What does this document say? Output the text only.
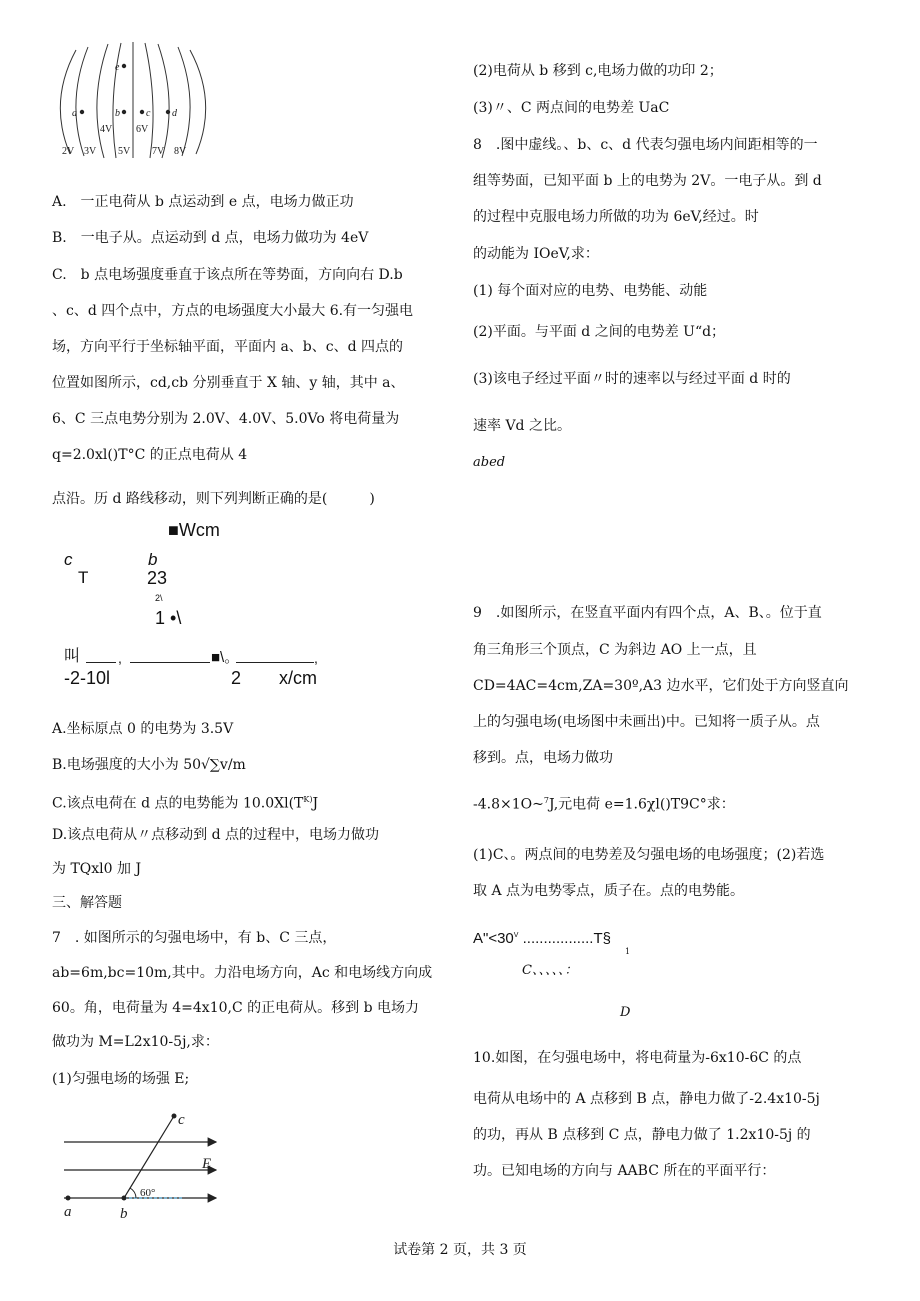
e
a	b	c d
4V 6V
2V 3V 5V 7V 8V
A.　一正电荷从 b 点运动到 e 点，电场力做正功
B.　一电子从。点运动到 d 点，电场力做功为 4eV
C.　b 点电场强度垂直于该点所在等势面，方向向右 D.b
、c、d 四个点中，方点的电场强度大小最大 6.有一匀强电
场，方向平行于坐标轴平面，平面内 a、b、c、d 四点的
位置如图所示，cd,cb 分别垂直于 X 轴、y 轴，其中 a、
6、C 三点电势分别为 2.0V、4.0V、5.0Vo 将电荷量为
q=2.0xl()T°C 的正点电荷从 4
点沿。历 d 路线移动，则下列判断正确的是(　　　)
■Wcm
c
T
b
23
2\
1 •\
叫	,	■\。	,
-2-10l	2 x/cm
A.坐标原点 0 的电势为 3.5V
B.电场强度的大小为 50√∑v/m
C.该点电荷在 d 点的电势能为 $10.0Xl(T^{K)}J$
D.该点电荷从〃点移动到 d 点的过程中，电场力做功
为 TQxl0 加 J
三、解答题
7　. 如图所示的匀强电场中，有 b、C 三点，
ab=6m,bc=10m,其中。力沿电场方向，Ac 和电场线方向成
60。角，电荷量为 4=4x10,C 的正电荷从。移到 b 电场力
做功为 M=L2x10-5j,求：
(1)匀强电场的场强 E;
c
E
a	b
60°
(2)电荷从 b 移到 c,电场力做的功印 2；
(3)〃、C 两点间的电势差 UaC
8　.图中虚线。、b、c、d 代表匀强电场内间距相等的一
组等势面，已知平面 b 上的电势为 2V。一电子从。到 d
的过程中克服电场力所做的功为 6eV,经过。时
的动能为 IOeV,求：
(1) 每个面对应的电势、电势能、动能
(2)平面。与平面 d 之间的电势差 U“d；
(3)该电子经过平面〃时的速率以与经过平面 d 时的
速率 Vd 之比。
abed
9　.如图所示，在竖直平面内有四个点，A、B、。位于直
角三角形三个顶点，C 为斜边 AO 上一点，且
CD=4AC=4cm,ZA=30º,A3 边水平，它们处于方向竖直向
上的匀强电场(电场图中未画出)中。已知将一质子从。点
移到。点，电场力做功
-4.8×1O~$^7$J,元电荷 e=1.6χl()T9C°求：
(1)C、。两点间的电势差及匀强电场的电场强度；(2)若选
取 A 点为电势零点，质子在。点的电势能。
$A"<30^V$ .................T§
1
C、、、、、：
D
10.如图，在匀强电场中，将电荷量为-6x10-6C 的点
电荷从电场中的 A 点移到 B 点，静电力做了-2.4x10-5j
的功，再从 B 点移到 C 点，静电力做了 1.2x10-5j 的
功。已知电场的方向与 AABC 所在的平面平行：
试卷第 2 页，共 3 页
